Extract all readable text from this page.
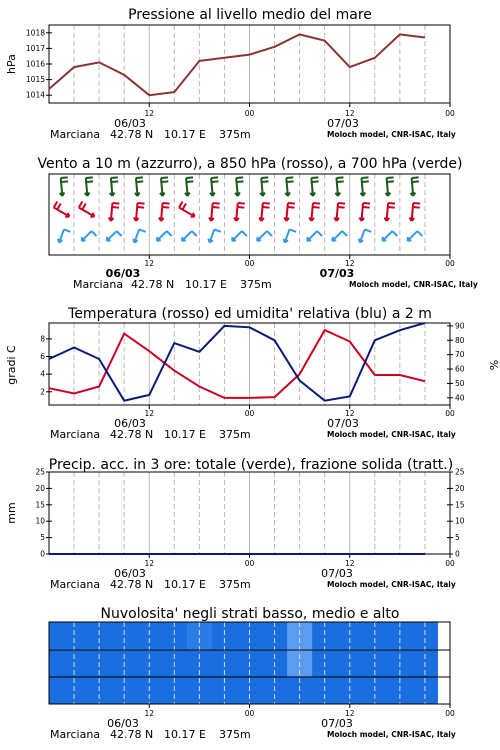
Pressione al livello medio del mare
hPa
1014
1015
1016
1017
1018
12	00	12	00
06/03	07/03
Marciana 42.78 N 10.17 E 375m	Moloch model, CNR-ISAC, Italy
Vento a 10 m (azzurro), a 850 hPa (rosso), a 700 hPa (verde)
12	00	12	00
06/03	07/03
Marciana 42.78 N 10.17 E 375m	Moloch model, CNR-ISAC, Italy
Temperatura (rosso) ed umidita' relativa (blu) a 2 m
gradi C	%
2
4
6
8
40
50
60
70
80
90
12	00	12	00
06/03	07/03
Marciana 42.78 N 10.17 E 375m	Moloch model, CNR-ISAC, Italy
Precip. acc. in 3 ore: totale (verde), frazione solida (tratt.)
mm
0
5
10
15
20
25
0
5
10
15
20
25
12	00	12	00
06/03	07/03
Marciana 42.78 N 10.17 E 375m	Moloch model, CNR-ISAC, Italy
Nuvolosita' negli strati basso, medio e alto
12	00	12	00
06/03	07/03
Marciana 42.78 N 10.17 E 375m	Moloch model, CNR-ISAC, Italy
